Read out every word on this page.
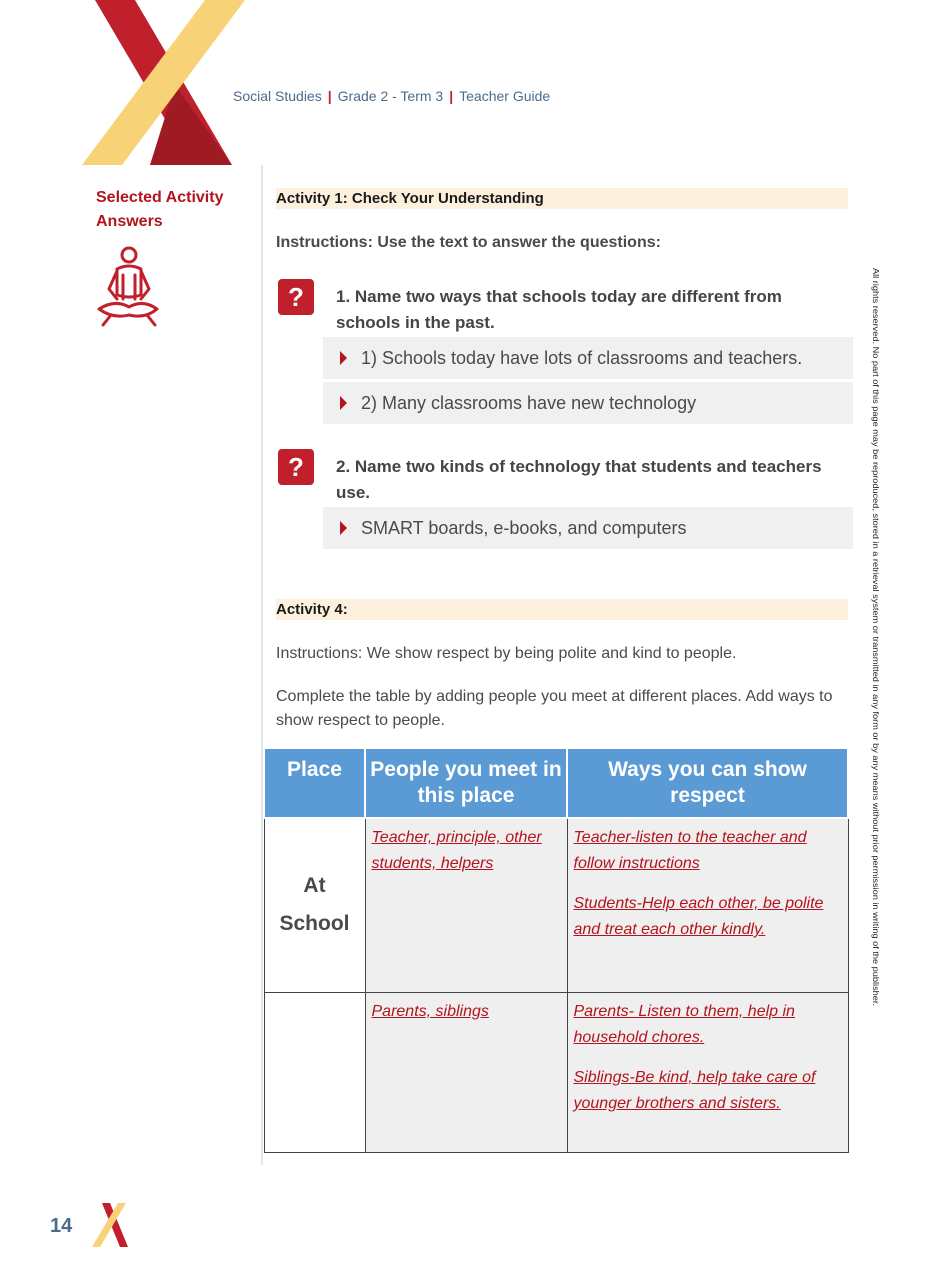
Social Studies | Grade 2 - Term 3 | Teacher Guide
Selected Activity Answers
Activity 1: Check Your Understanding
Instructions: Use the text to answer the questions:
?	1. Name two ways that schools today are different from schools in the past.
1) Schools today have lots of classrooms and teachers.
2) Many classrooms have new technology
?	2. Name two kinds of technology that students and teachers use.
SMART boards, e-books, and computers
Activity 4:
Instructions: We show respect by being polite and kind to people.
Complete the table by adding people you meet at different places. Add ways to show respect to people.
Place	People you meet in this place	Ways you can show respect

At School	Teacher, principle, other students, helpers	Teacher-listen to the teacher and follow instructions

Students-Help each other, be polite and treat each other kindly.

	Parents, siblings	Parents- Listen to them, help in household chores.

Siblings-Be kind, help take care of younger brothers and sisters.

All rights reserved. No part of this page may be reproduced, stored in a retrieval system or transmitted in any form or by any means without prior permission in writing of the publisher.
14
